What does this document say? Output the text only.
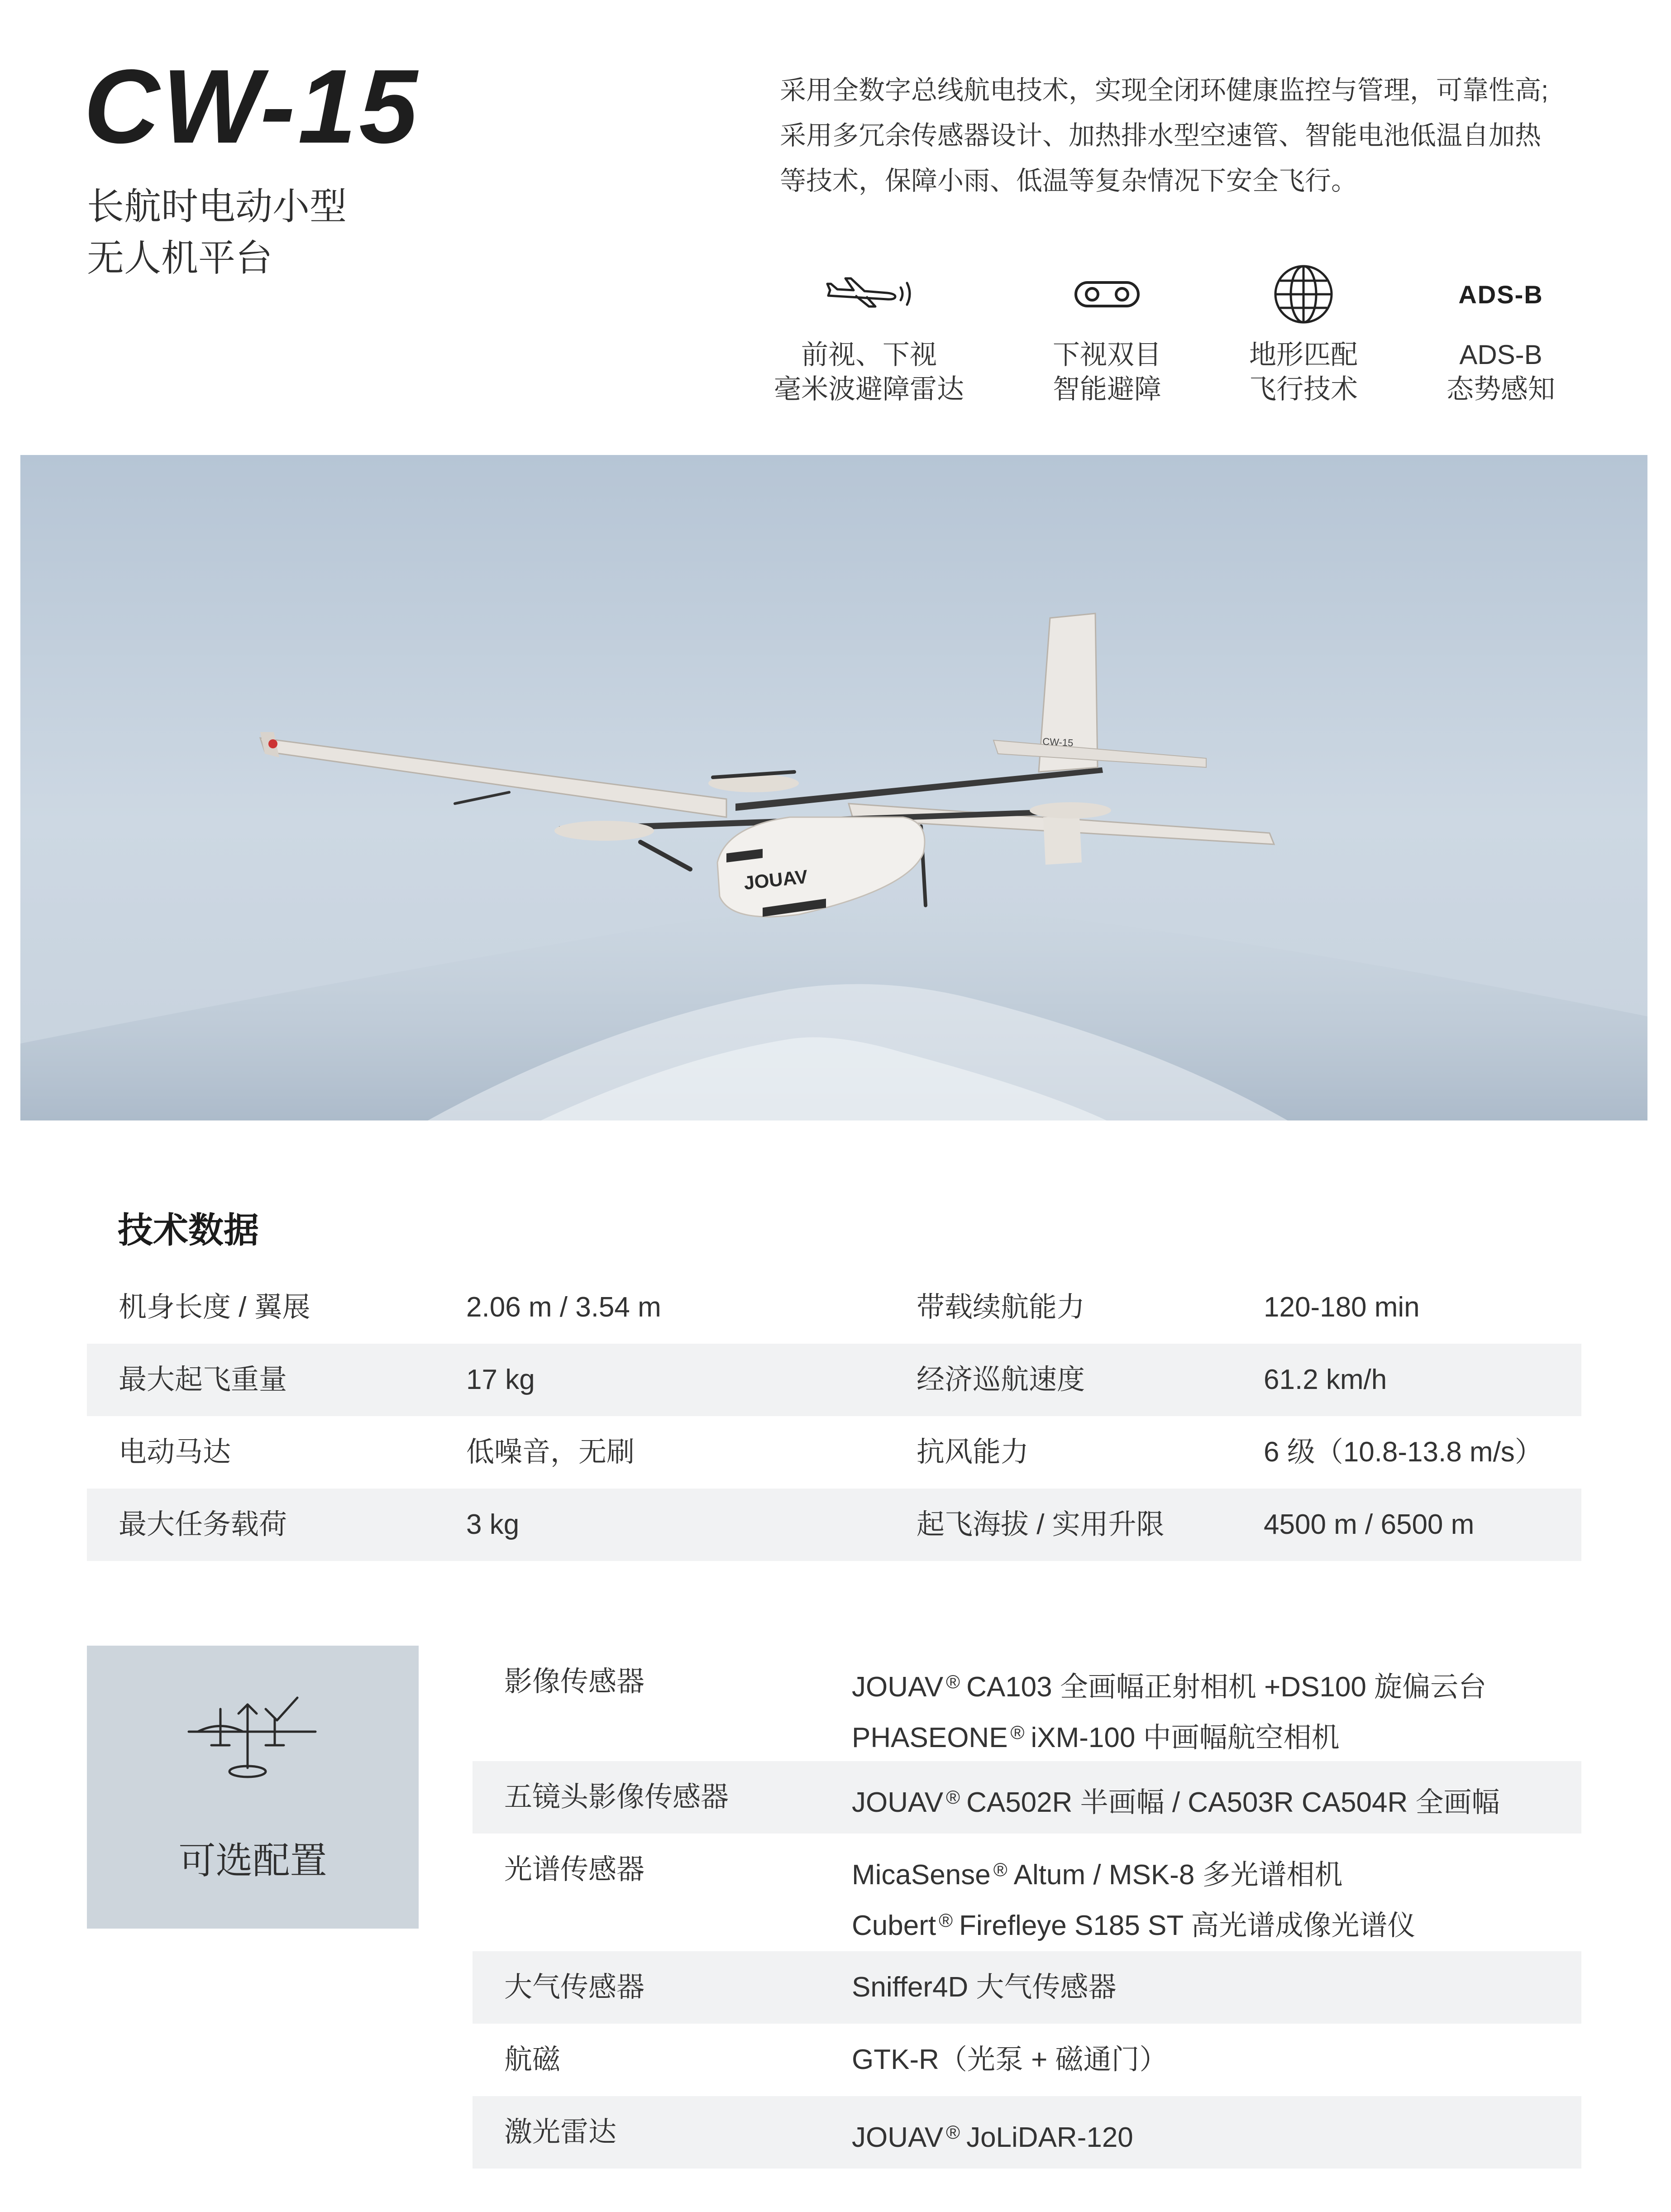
CW-15
长航时电动小型
无人机平台
采用全数字总线航电技术，实现全闭环健康监控与管理，可靠性高;
采用多冗余传感器设计、加热排水型空速管、智能电池低温自加热
等技术，保障小雨、低温等复杂情况下安全飞行。
前视、下视
毫米波避障雷达
下视双目
智能避障
地形匹配
飞行技术
ADS-B
ADS-B
态势感知
JOUAV
CW-15
技术数据
机身长度 / 翼展	2.06 m / 3.54 m	带载续航能力	120-180 min
最大起飞重量	17 kg	经济巡航速度	61.2 km/h
电动马达	低噪音，无刷	抗风能力	6 级（10.8-13.8 m/s）
最大任务载荷	3 kg	起飞海拔 / 实用升限	4500 m / 6500 m
可选配置
影像传感器	JOUAV ® CA103 全画幅正射相机 +DS100 旋偏云台
PHASEONE ® iXM-100 中画幅航空相机
五镜头影像传感器	JOUAV ® CA502R 半画幅 / CA503R CA504R 全画幅
光谱传感器	MicaSense ® Altum / MSK-8 多光谱相机
Cubert ® Firefleye S185 ST 高光谱成像光谱仪
大气传感器	Sniffer4D 大气传感器
航磁	GTK-R（光泵 + 磁通门）
激光雷达	JOUAV ® JoLiDAR-120
